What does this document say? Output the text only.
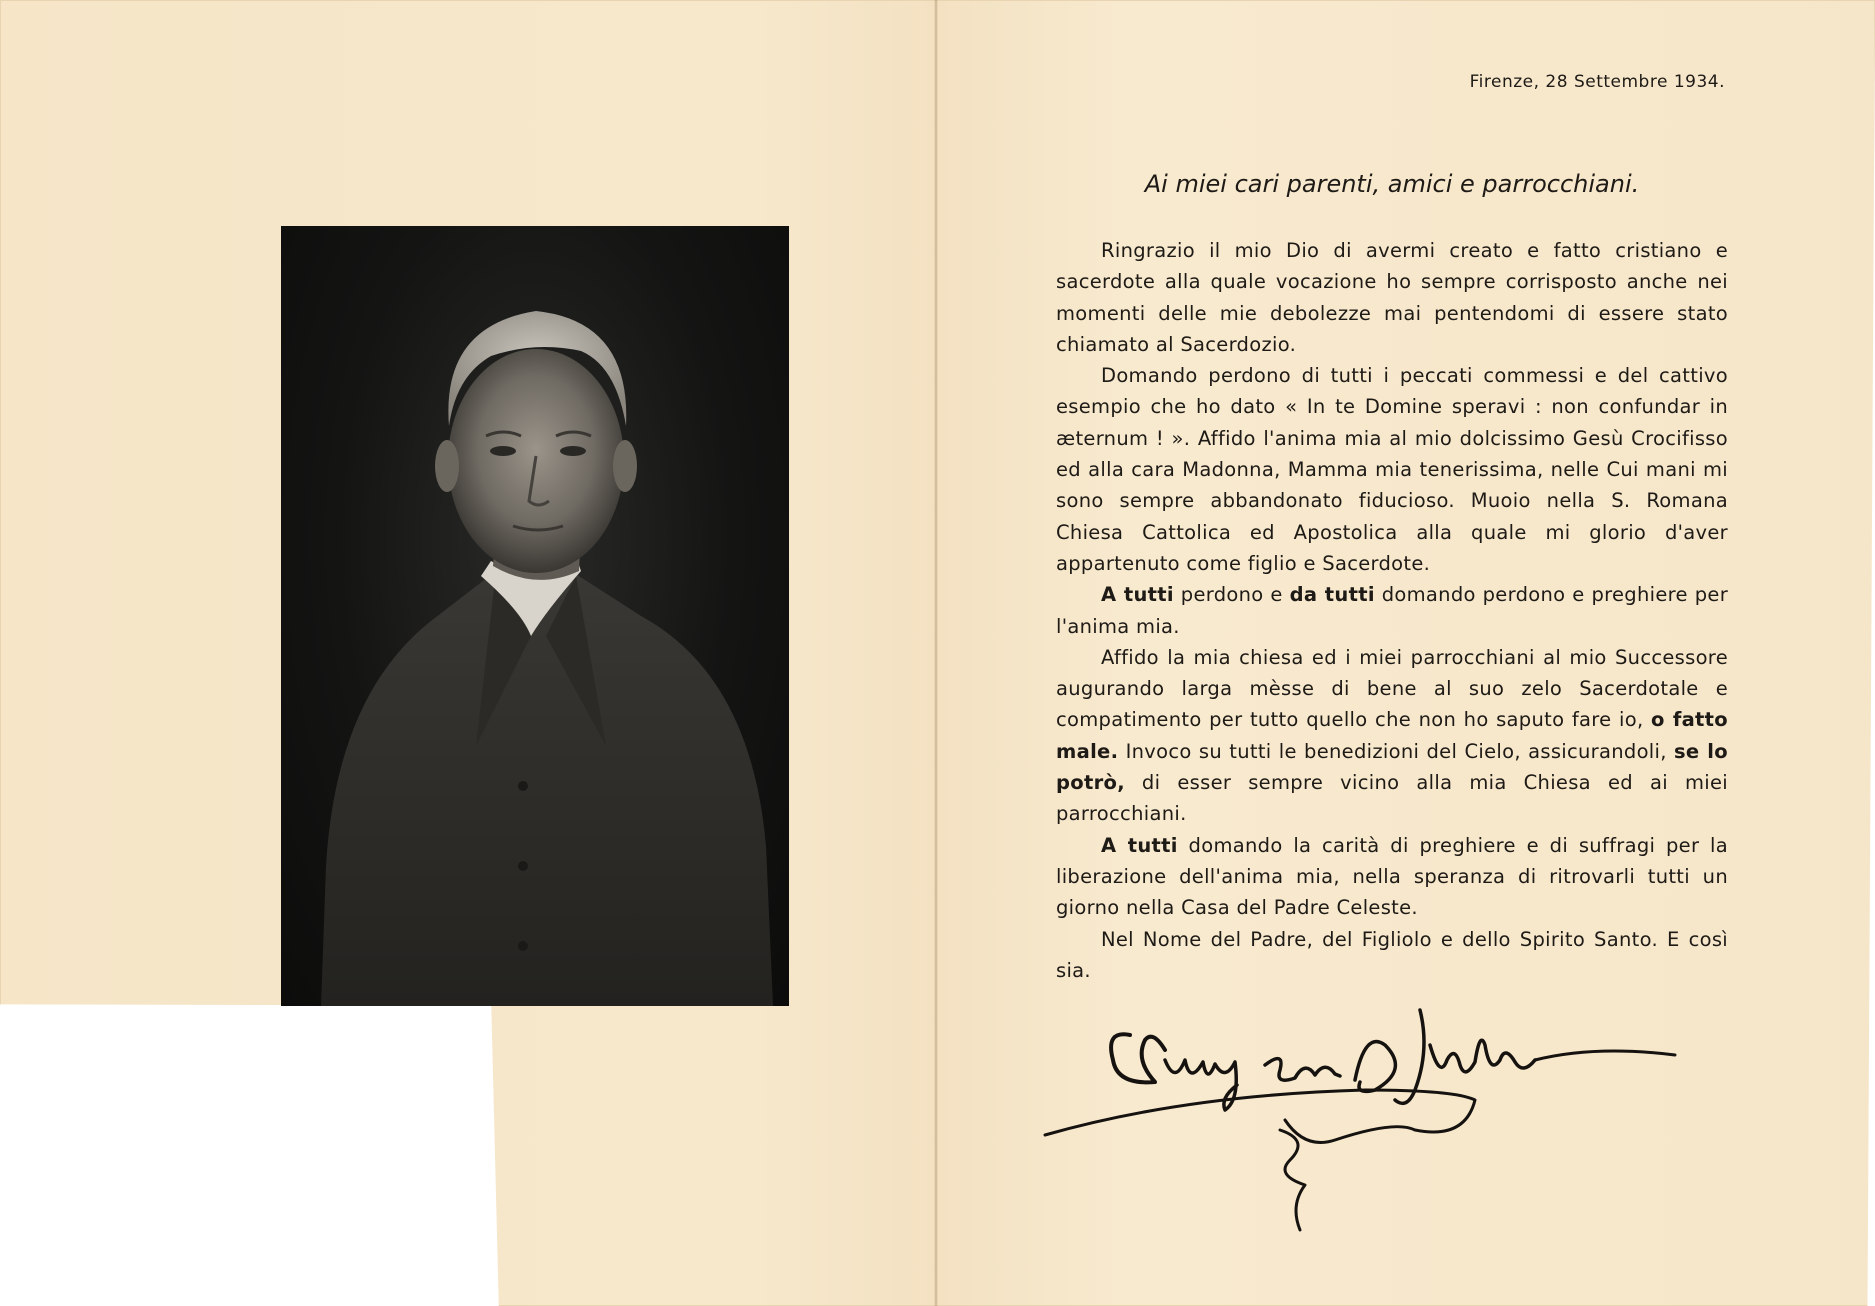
Firenze, 28 Settembre 1934.
Ai miei cari parenti, amici e parrocchiani.

Ringrazio il mio Dio di avermi creato e fatto cristiano e sacerdote alla quale vocazione ho sempre corrisposto anche nei momenti delle mie debolezze mai pentendomi di essere stato chiamato al Sacerdozio.

Domando perdono di tutti i peccati commessi e del cattivo esempio che ho dato « In te Domine speravi : non confundar in æternum ! ». Affido l'anima mia al mio dolcissimo Gesù Crocifisso ed alla cara Madonna, Mamma mia tenerissima, nelle Cui mani mi sono sempre abbandonato fiducioso. Muoio nella S. Romana Chiesa Cattolica ed Apostolica alla quale mi glorio d'aver appartenuto come figlio e Sacerdote.

A tutti perdono e da tutti domando perdono e preghiere per l'anima mia.

Affido la mia chiesa ed i miei parrocchiani al mio Successore augurando larga mèsse di bene al suo zelo Sacerdotale e compatimento per tutto quello che non ho saputo fare io, o fatto male. Invoco su tutti le benedizioni del Cielo, assicurandoli, se lo potrò, di esser sempre vicino alla mia Chiesa ed ai miei parrocchiani.

A tutti domando la carità di preghiere e di suffragi per la liberazione dell'anima mia, nella speranza di ritrovarli tutti un giorno nella Casa del Padre Celeste.

Nel Nome del Padre, del Figliolo e dello Spirito Santo. E così sia.
